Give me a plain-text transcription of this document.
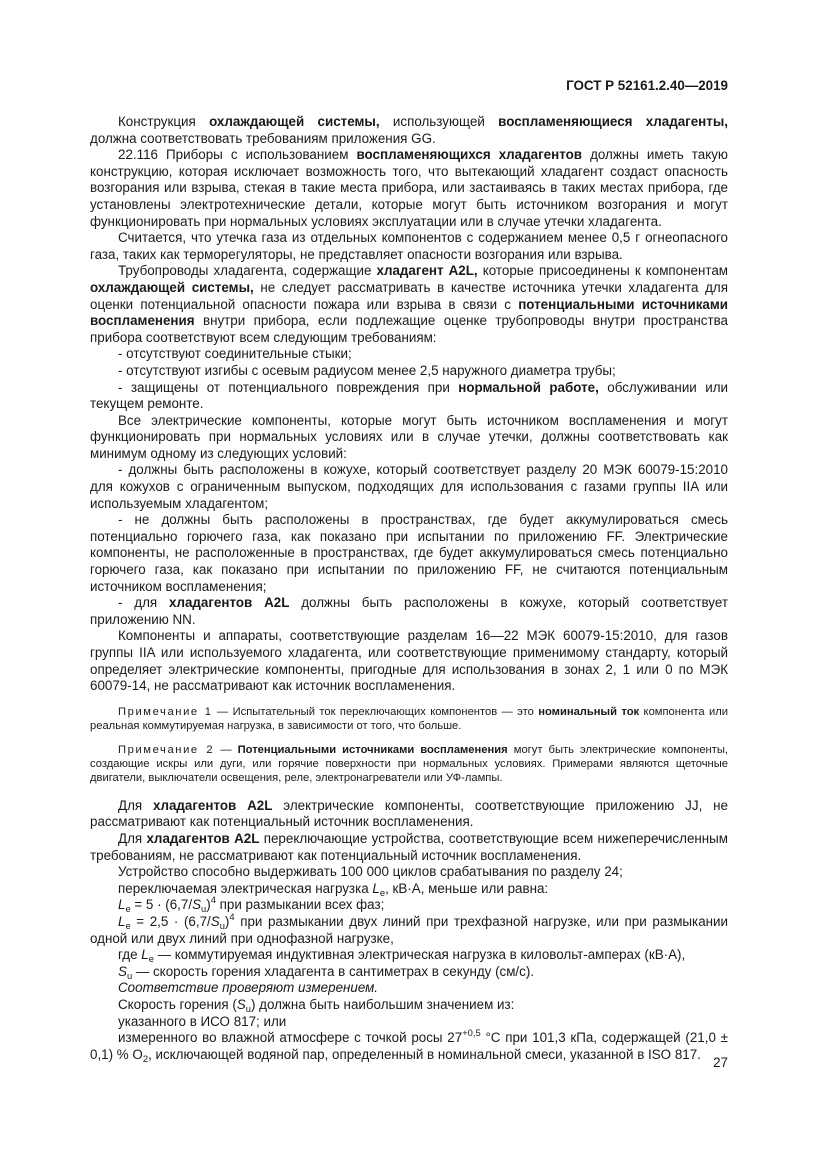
ГОСТ Р 52161.2.40—2019

Конструкция охлаждающей системы, использующей воспламеняющиеся хладагенты, должна соответствовать требованиям приложения GG.

22.116 Приборы с использованием воспламеняющихся хладагентов должны иметь такую конструкцию, которая исключает возможность того, что вытекающий хладагент создаст опасность возгорания или взрыва, стекая в такие места прибора, или застаиваясь в таких местах прибора, где установлены электротехнические детали, которые могут быть источником возгорания и могут функционировать при нормальных условиях эксплуатации или в случае утечки хладагента.

Считается, что утечка газа из отдельных компонентов с содержанием менее 0,5 г огнеопасного газа, таких как терморегуляторы, не представляет опасности возгорания или взрыва.

Трубопроводы хладагента, содержащие хладагент A2L, которые присоединены к компонентам охлаждающей системы, не следует рассматривать в качестве источника утечки хладагента для оценки потенциальной опасности пожара или взрыва в связи с потенциальными источниками воспламенения внутри прибора, если подлежащие оценке трубопроводы внутри пространства прибора соответствуют всем следующим требованиям:

- отсутствуют соединительные стыки;

- отсутствуют изгибы с осевым радиусом менее 2,5 наружного диаметра трубы;

- защищены от потенциального повреждения при нормальной работе, обслуживании или текущем ремонте.

Все электрические компоненты, которые могут быть источником воспламенения и могут функционировать при нормальных условиях или в случае утечки, должны соответствовать как минимум одному из следующих условий:

- должны быть расположены в кожухе, который соответствует разделу 20 МЭК 60079-15:2010 для кожухов с ограниченным выпуском, подходящих для использования с газами группы IIA или используемым хладагентом;

- не должны быть расположены в пространствах, где будет аккумулироваться смесь потенциально горючего газа, как показано при испытании по приложению FF. Электрические компоненты, не расположенные в пространствах, где будет аккумулироваться смесь потенциально горючего газа, как показано при испытании по приложению FF, не считаются потенциальным источником воспламенения;

- для хладагентов A2L должны быть расположены в кожухе, который соответствует приложению NN.

Компоненты и аппараты, соответствующие разделам 16—22 МЭК 60079-15:2010, для газов группы IIA или используемого хладагента, или соответствующие применимому стандарту, который определяет электрические компоненты, пригодные для использования в зонах 2, 1 или 0 по МЭК 60079-14, не рассматривают как источник воспламенения.

Примечание 1 — Испытательный ток переключающих компонентов — это номинальный ток компонента или реальная коммутируемая нагрузка, в зависимости от того, что больше.

Примечание 2 — Потенциальными источниками воспламенения могут быть электрические компоненты, создающие искры или дуги, или горячие поверхности при нормальных условиях. Примерами являются щеточные двигатели, выключатели освещения, реле, электронагреватели или УФ-лампы.

Для хладагентов A2L электрические компоненты, соответствующие приложению JJ, не рассматривают как потенциальный источник воспламенения.

Для хладагентов A2L переключающие устройства, соответствующие всем нижеперечисленным требованиям, не рассматривают как потенциальный источник воспламенения.

Устройство способно выдерживать 100 000 циклов срабатывания по разделу 24;

переключаемая электрическая нагрузка $L_e$, кВ·А, меньше или равна:

$L_e = 5 \cdot (6,7/S_u)^4$ при размыкании всех фаз;

$L_e = 2,5 \cdot (6,7/S_u)^4$ при размыкании двух линий при трехфазной нагрузке, или при размыкании одной или двух линий при однофазной нагрузке,

где $L_e$ — коммутируемая индуктивная электрическая нагрузка в киловольт-амперах (кВ·А),

$S_u$ — скорость горения хладагента в сантиметрах в секунду (см/с).

Соответствие проверяют измерением.

Скорость горения $(S_u)$ должна быть наибольшим значением из:

указанного в ИСО 817; или

измеренного во влажной атмосфере с точкой росы $27^{+0,5}$ °С при 101,3 кПа, содержащей (21,0 ± 0,1) % $O_2$, исключающей водяной пар, определенный в номинальной смеси, указанной в ISO 817.

27
